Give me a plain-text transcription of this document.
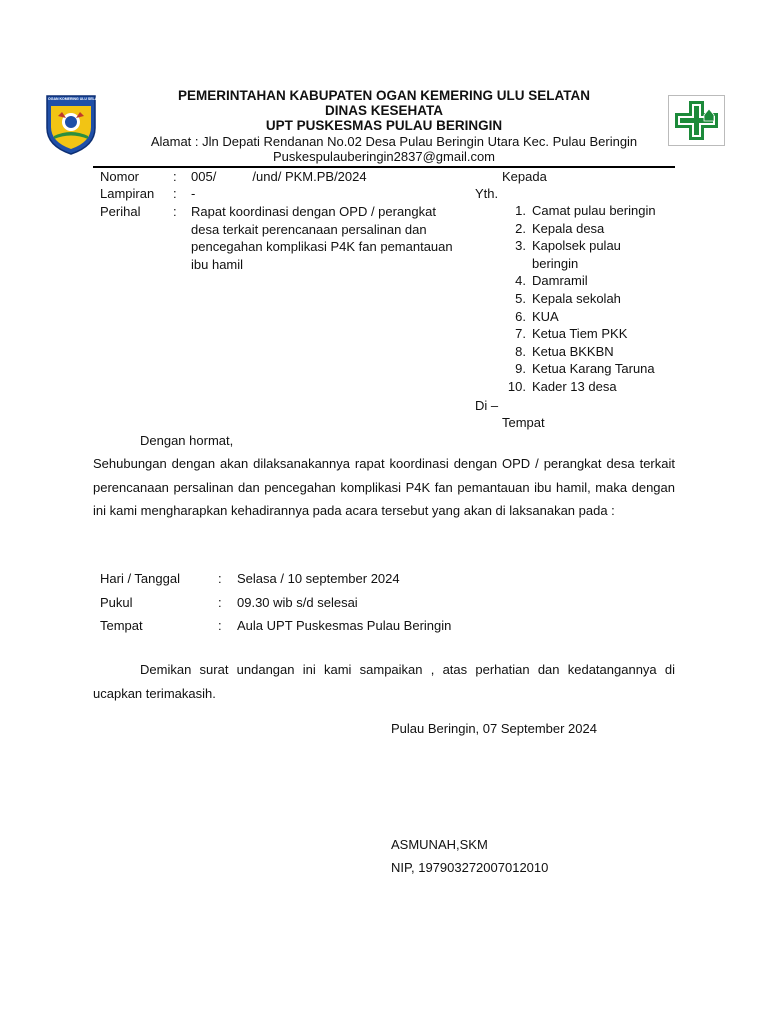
OGAN KOMERING ULU SELATAN	PEMERINTAHAN KABUPATEN OGAN KEMERING ULU SELATAN
DINAS KESEHATA
UPT PUSKESMAS PULAU BERINGIN
Alamat : Jln Depati Rendanan No.02 Desa Pulau Beringin Utara Kec. Pulau Beringin
Puskespulauberingin2837@gmail.com
Nomor	: 005/          /und/ PKM.PB/2024
Lampiran : -
Perihal	: Rapat koordinasi dengan OPD / perangkat desa terkait perencanaan persalinan dan pencegahan komplikasi P4K fan pemantauan ibu hamil
Kepada
Yth.
1. Camat pulau beringin
2. Kepala desa
3. Kapolsek pulau beringin
4. Damramil
5. Kepala sekolah
6. KUA
7. Ketua Tiem PKK
8. Ketua BKKBN
9. Ketua Karang Taruna
10. Kader 13 desa
Di –
Tempat
Dengan hormat,
Sehubungan dengan akan dilaksanakannya rapat koordinasi dengan OPD / perangkat desa terkait perencanaan persalinan dan pencegahan komplikasi P4K fan pemantauan ibu hamil, maka dengan ini kami mengharapkan kehadirannya pada acara tersebut yang akan di laksanakan pada :
Hari / Tanggal	: Selasa / 10 september 2024
Pukul	: 09.30 wib s/d selesai
Tempat	: Aula UPT Puskesmas Pulau Beringin
Demikan surat undangan ini kami sampaikan , atas perhatian dan kedatangannya di ucapkan terimakasih.
Pulau Beringin, 07 September 2024
ASMUNAH,SKM
NIP, 197903272007012010
